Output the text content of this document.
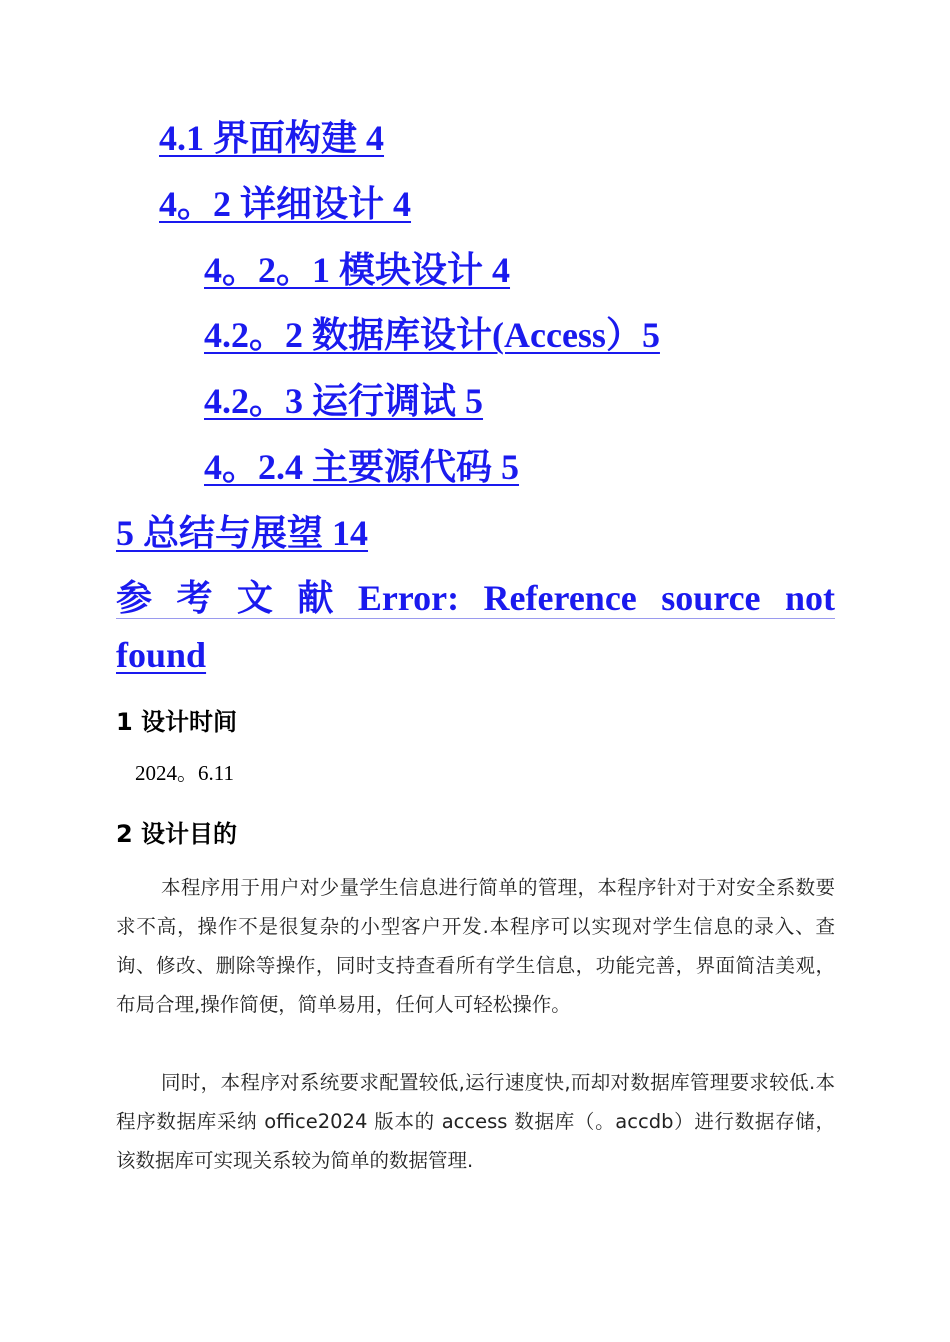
4.1 界面构建 4
4。2 详细设计 4
4。2。1 模块设计 4
4.2。2 数据库设计(Access）5
4.2。3 运行调试 5
4。2.4 主要源代码 5
5 总结与展望 14
参 考 文 献 Error: Reference source not
found
1 设计时间
2024。6.11
2 设计目的

本程序用于用户对少量学生信息进行简单的管理，本程序针对于对安全系数要求不高，操作不是很复杂的小型客户开发.本程序可以实现对学生信息的录入、查询、修改、删除等操作，同时支持查看所有学生信息，功能完善，界面简洁美观，布局合理,操作简便，简单易用，任何人可轻松操作。

同时，本程序对系统要求配置较低,运行速度快,而却对数据库管理要求较低.本程序数据库采纳 office2024 版本的 access 数据库（。accdb）进行数据存储，该数据库可实现关系较为简单的数据管理.
